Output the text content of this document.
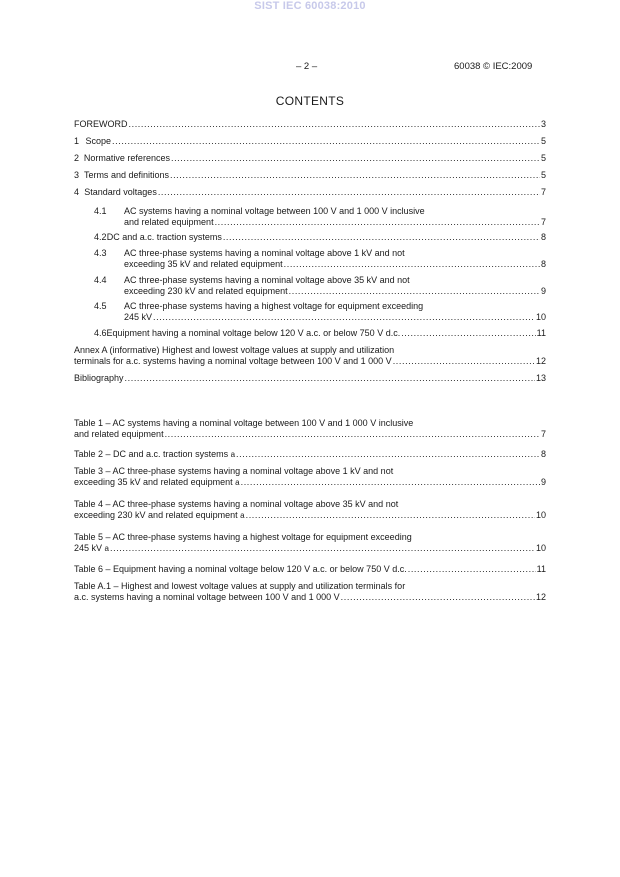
SIST IEC 60038:2010
– 2 –	60038 © IEC:2009
CONTENTS
FOREWORD .....	3
1 Scope .....	5
2 Normative references .....	5
3 Terms and definitions .....	5
4 Standard voltages .....	7
4.1	AC systems having a nominal voltage between 100 V and 1 000 V inclusive
and related equipment .....	7
4.2 DC and a.c. traction systems .....	8
4.3	AC three-phase systems having a nominal voltage above 1 kV and not
exceeding 35 kV and related equipment .....	8
4.4	AC three-phase systems having a nominal voltage above 35 kV and not
exceeding 230 kV and related equipment .....	9
4.5	AC three-phase systems having a highest voltage for equipment exceeding
245 kV .....	10
4.6 Equipment having a nominal voltage below 120 V a.c. or below 750 V d.c. .....	11
Annex A (informative) Highest and lowest voltage values at supply and utilization
terminals for a.c. systems having a nominal voltage between 100 V and 1 000 V .....	12
Bibliography .....	13
Table 1 – AC systems having a nominal voltage between 100 V and 1 000 V inclusive
and related equipment .....	7
Table 2 – DC and a.c. traction systems
a .....	8
Table 3 – AC three-phase systems having a nominal voltage above 1 kV and not
exceeding 35 kV and related equipment
a .....	9
Table 4 – AC three-phase systems having a nominal voltage above 35 kV and not
exceeding 230 kV and related equipment
a .....	10
Table 5 – AC three-phase systems having a highest voltage for equipment exceeding
245 kV
a .....	10
Table 6 – Equipment having a nominal voltage below 120 V a.c. or below 750 V d.c. .....	11
Table A.1 – Highest and lowest voltage values at supply and utilization terminals for
a.c. systems having a nominal voltage between 100 V and 1 000 V .....	12
